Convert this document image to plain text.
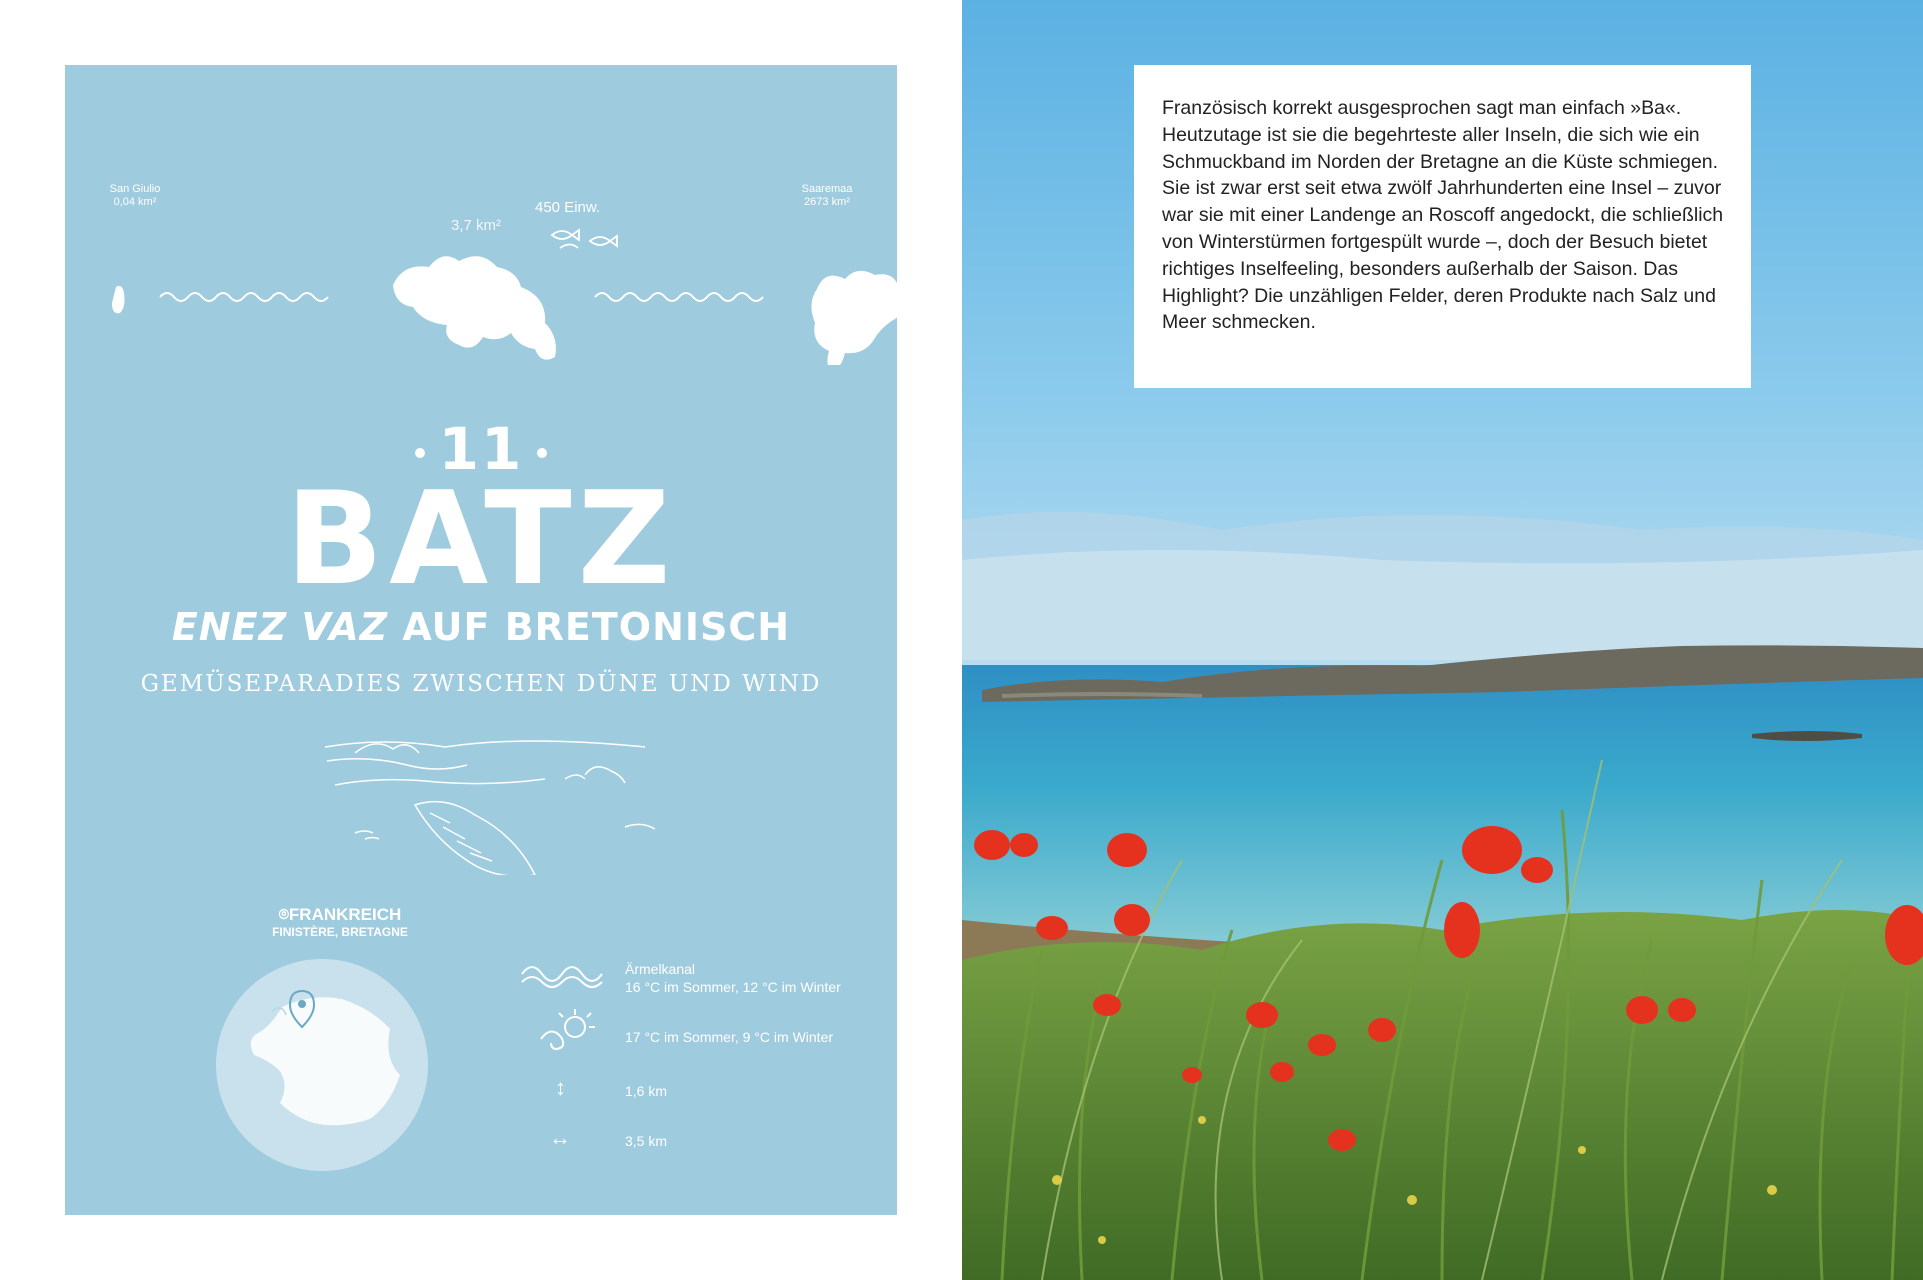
San Giulio
0,04 km²
Saaremaa
2673 km²
3,7 km²
450 Einw.
11
BATZ
ENEZ VAZ AUF BRETONISCH
GEMÜSEPARADIES ZWISCHEN DÜNE UND WIND
⌾FRANKREICH
FINISTÈRE, BRETAGNE
Ärmelkanal
16 °C im Sommer, 12 °C im Winter
17 °C im Sommer, 9 °C im Winter
↕	1,6 km
↔	3,5 km

Französisch korrekt ausgesprochen sagt man einfach »Ba«. Heutzutage ist sie die begehrteste aller Inseln, die sich wie ein Schmuckband im Norden der Bretagne an die Küste schmiegen. Sie ist zwar erst seit etwa zwölf Jahrhunderten eine Insel – zuvor war sie mit einer Landenge an Roscoff angedockt, die schließlich von Winterstürmen fortgespült wurde –, doch der Besuch bietet richtiges Inselfeeling, besonders außerhalb der Saison. Das Highlight? Die unzähligen Felder, deren Produkte nach Salz und Meer schmecken.
